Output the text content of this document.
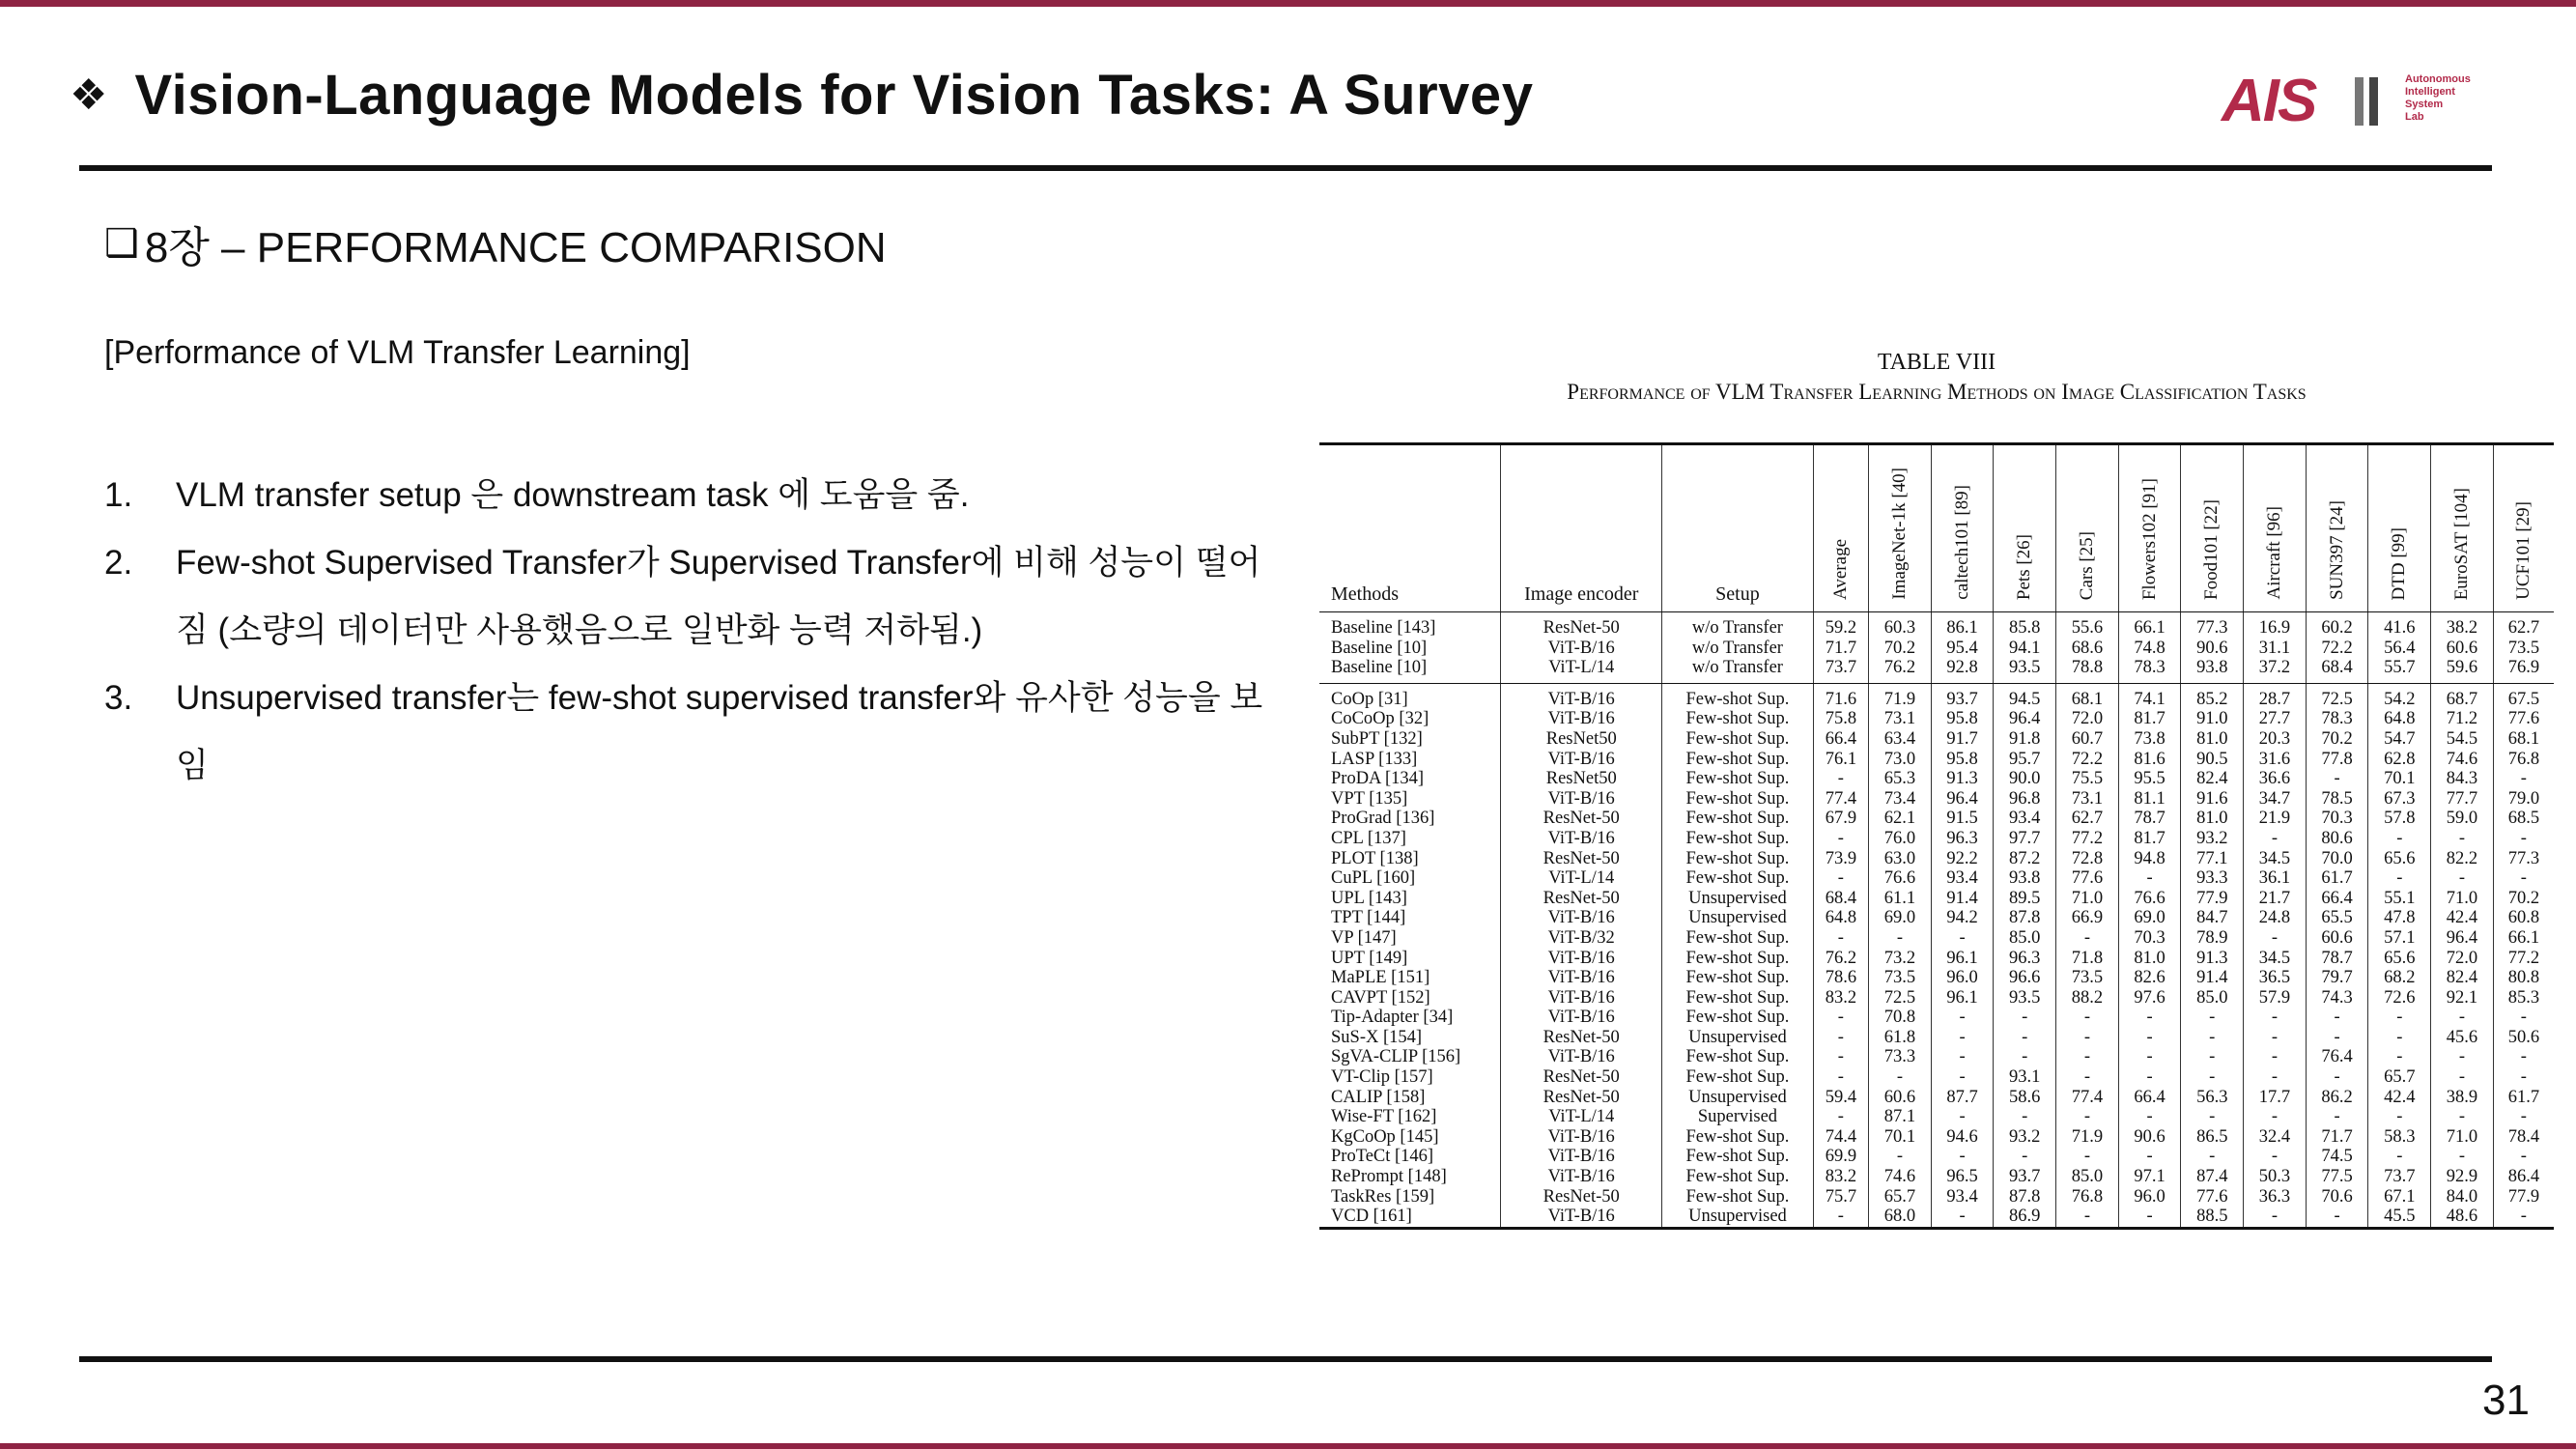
❖ Vision-Language Models for Vision Tasks: A Survey	AIS	Autonomous
Intelligent
System
Lab
❑ 8장 – PERFORMANCE COMPARISON
[Performance of VLM Transfer Learning]
1. VLM transfer setup 은 downstream task 에 도움을 줌.
2. Few-shot Supervised Transfer가 Supervised Transfer에 비해 성능이 떨어짐 (소량의 데이터만 사용했음으로 일반화 능력 저하됨.)
3. Unsupervised transfer는 few-shot supervised transfer와 유사한 성능을 보임
TABLE VIII
Performance of VLM Transfer Learning Methods on Image Classification Tasks
Methods	Image encoder	Setup	Average	ImageNet-1k [40]	caltech101 [89]	Pets [26]	Cars [25]	Flowers102 [91]	Food101 [22]	Aircraft [96]	SUN397 [24]	DTD [99]	EuroSAT [104]	UCF101 [29]
Baseline [143]	ResNet-50	w/o Transfer	59.2	60.3	86.1	85.8	55.6	66.1	77.3	16.9	60.2	41.6	38.2	62.7
Baseline [10]	ViT-B/16	w/o Transfer	71.7	70.2	95.4	94.1	68.6	74.8	90.6	31.1	72.2	56.4	60.6	73.5
Baseline [10]	ViT-L/14	w/o Transfer	73.7	76.2	92.8	93.5	78.8	78.3	93.8	37.2	68.4	55.7	59.6	76.9
CoOp [31]	ViT-B/16	Few-shot Sup.	71.6	71.9	93.7	94.5	68.1	74.1	85.2	28.7	72.5	54.2	68.7	67.5
CoCoOp [32]	ViT-B/16	Few-shot Sup.	75.8	73.1	95.8	96.4	72.0	81.7	91.0	27.7	78.3	64.8	71.2	77.6
SubPT [132]	ResNet50	Few-shot Sup.	66.4	63.4	91.7	91.8	60.7	73.8	81.0	20.3	70.2	54.7	54.5	68.1
LASP [133]	ViT-B/16	Few-shot Sup.	76.1	73.0	95.8	95.7	72.2	81.6	90.5	31.6	77.8	62.8	74.6	76.8
ProDA [134]	ResNet50	Few-shot Sup.	-	65.3	91.3	90.0	75.5	95.5	82.4	36.6	-	70.1	84.3	-
VPT [135]	ViT-B/16	Few-shot Sup.	77.4	73.4	96.4	96.8	73.1	81.1	91.6	34.7	78.5	67.3	77.7	79.0
ProGrad [136]	ResNet-50	Few-shot Sup.	67.9	62.1	91.5	93.4	62.7	78.7	81.0	21.9	70.3	57.8	59.0	68.5
CPL [137]	ViT-B/16	Few-shot Sup.	-	76.0	96.3	97.7	77.2	81.7	93.2	-	80.6	-	-	-
PLOT [138]	ResNet-50	Few-shot Sup.	73.9	63.0	92.2	87.2	72.8	94.8	77.1	34.5	70.0	65.6	82.2	77.3
CuPL [160]	ViT-L/14	Few-shot Sup.	-	76.6	93.4	93.8	77.6	-	93.3	36.1	61.7	-	-	-
UPL [143]	ResNet-50	Unsupervised	68.4	61.1	91.4	89.5	71.0	76.6	77.9	21.7	66.4	55.1	71.0	70.2
TPT [144]	ViT-B/16	Unsupervised	64.8	69.0	94.2	87.8	66.9	69.0	84.7	24.8	65.5	47.8	42.4	60.8
VP [147]	ViT-B/32	Few-shot Sup.	-	-	-	85.0	-	70.3	78.9	-	60.6	57.1	96.4	66.1
UPT [149]	ViT-B/16	Few-shot Sup.	76.2	73.2	96.1	96.3	71.8	81.0	91.3	34.5	78.7	65.6	72.0	77.2
MaPLE [151]	ViT-B/16	Few-shot Sup.	78.6	73.5	96.0	96.6	73.5	82.6	91.4	36.5	79.7	68.2	82.4	80.8
CAVPT [152]	ViT-B/16	Few-shot Sup.	83.2	72.5	96.1	93.5	88.2	97.6	85.0	57.9	74.3	72.6	92.1	85.3
Tip-Adapter [34]	ViT-B/16	Few-shot Sup.	-	70.8	-	-	-	-	-	-	-	-	-	-
SuS-X [154]	ResNet-50	Unsupervised	-	61.8	-	-	-	-	-	-	-	-	45.6	50.6
SgVA-CLIP [156]	ViT-B/16	Few-shot Sup.	-	73.3	-	-	-	-	-	-	76.4	-	-	-
VT-Clip [157]	ResNet-50	Few-shot Sup.	-	-	-	93.1	-	-	-	-	-	65.7	-	-
CALIP [158]	ResNet-50	Unsupervised	59.4	60.6	87.7	58.6	77.4	66.4	56.3	17.7	86.2	42.4	38.9	61.7
Wise-FT [162]	ViT-L/14	Supervised	-	87.1	-	-	-	-	-	-	-	-	-	-
KgCoOp [145]	ViT-B/16	Few-shot Sup.	74.4	70.1	94.6	93.2	71.9	90.6	86.5	32.4	71.7	58.3	71.0	78.4
ProTeCt [146]	ViT-B/16	Few-shot Sup.	69.9	-	-	-	-	-	-	-	74.5	-	-	-
RePrompt [148]	ViT-B/16	Few-shot Sup.	83.2	74.6	96.5	93.7	85.0	97.1	87.4	50.3	77.5	73.7	92.9	86.4
TaskRes [159]	ResNet-50	Few-shot Sup.	75.7	65.7	93.4	87.8	76.8	96.0	77.6	36.3	70.6	67.1	84.0	77.9
VCD [161]	ViT-B/16	Unsupervised	-	68.0	-	86.9	-	-	88.5	-	-	45.5	48.6	-
31
